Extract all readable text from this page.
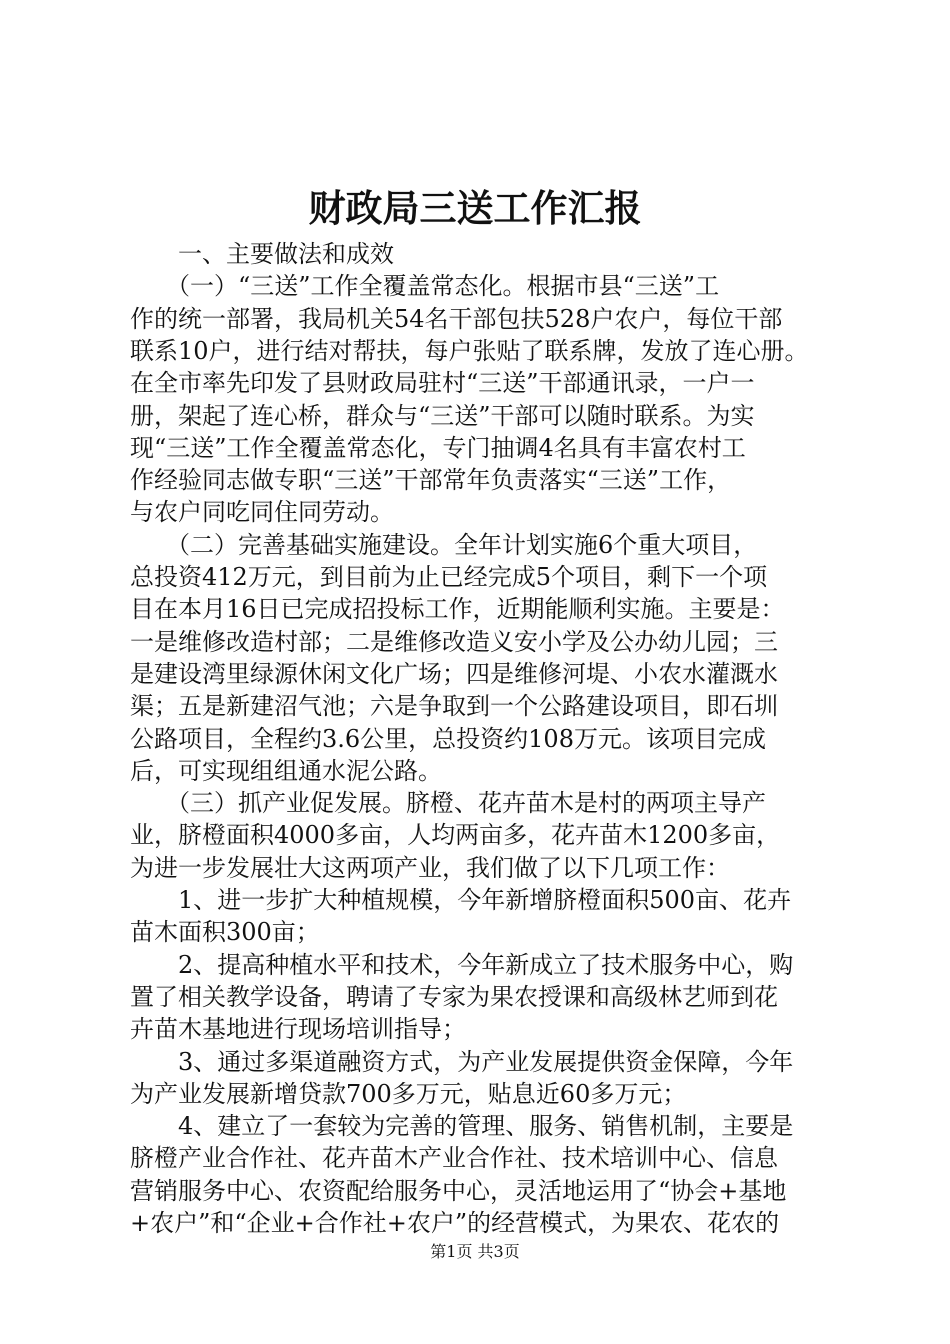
财政局三送工作汇报
　　一、主要做法和成效
　　（一）“三送”工作全覆盖常态化。根据市县“三送”工
作的统一部署，我局机关54名干部包扶528户农户，每位干部
联系10户，进行结对帮扶，每户张贴了联系牌，发放了连心册。
在全市率先印发了县财政局驻村“三送”干部通讯录，一户一
册，架起了连心桥，群众与“三送”干部可以随时联系。为实
现“三送”工作全覆盖常态化，专门抽调4名具有丰富农村工
作经验同志做专职“三送”干部常年负责落实“三送”工作，
与农户同吃同住同劳动。
　　（二）完善基础实施建设。全年计划实施6个重大项目，
总投资412万元，到目前为止已经完成5个项目，剩下一个项
目在本月16日已完成招投标工作，近期能顺利实施。主要是：
一是维修改造村部；二是维修改造义安小学及公办幼儿园；三
是建设湾里绿源休闲文化广场；四是维修河堤、小农水灌溉水
渠；五是新建沼气池；六是争取到一个公路建设项目，即石圳
公路项目，全程约3.6公里，总投资约108万元。该项目完成
后，可实现组组通水泥公路。
　　（三）抓产业促发展。脐橙、花卉苗木是村的两项主导产
业，脐橙面积4000多亩，人均两亩多，花卉苗木1200多亩，
为进一步发展壮大这两项产业，我们做了以下几项工作：
　　1、进一步扩大种植规模，今年新增脐橙面积500亩、花卉
苗木面积300亩；
　　2、提高种植水平和技术，今年新成立了技术服务中心，购
置了相关教学设备，聘请了专家为果农授课和高级林艺师到花
卉苗木基地进行现场培训指导；
　　3、通过多渠道融资方式，为产业发展提供资金保障，今年
为产业发展新增贷款700多万元，贴息近60多万元；
　　4、建立了一套较为完善的管理、服务、销售机制，主要是
脐橙产业合作社、花卉苗木产业合作社、技术培训中心、信息
营销服务中心、农资配给服务中心，灵活地运用了“协会+基地
+农户”和“企业+合作社+农户”的经营模式，为果农、花农的
第1页 共3页
